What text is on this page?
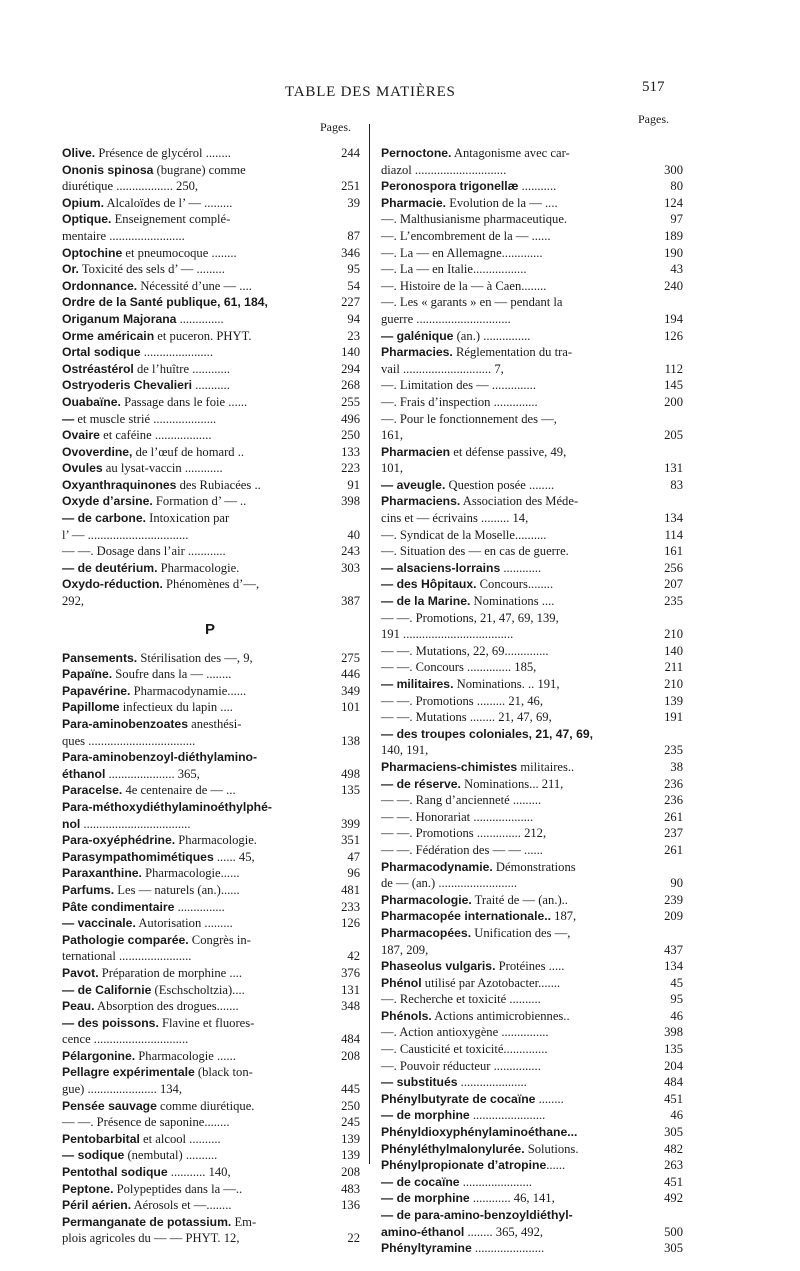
TABLE DES MATIÈRES	517
Pages.
Pages.
Olive. Présence de glycérol ........	244
Ononis spinosa (bugrane) comme
diurétique .................. 250,	251
Opium. Alcaloïdes de l’ — .........	39
Optique. Enseignement complé-
mentaire ........................	87
Optochine et pneumocoque ........	346
Or. Toxicité des sels d’ — .........	95
Ordonnance. Nécessité d’une — ....	54
Ordre de la Santé publique, 61, 184,	227
Origanum Majorana ..............	94
Orme américain et puceron. PHYT.	23
Ortal sodique ......................	140
Ostréastérol de l’huître ............	294
Ostryoderis Chevalieri ...........	268
Ouabaïne. Passage dans le foie ......	255
— et muscle strié ....................	496
Ovaire et caféine ..................	250
Ovoverdine, de l’œuf de homard ..	133
Ovules au lysat-vaccin ............	223
Oxyanthraquinones des Rubiacées ..	91
Oxyde d’arsine. Formation d’ — ..	398
— de carbone. Intoxication par
l’ — ................................	40
— —. Dosage dans l’air ............	243
— de deutérium. Pharmacologie.	303
Oxydo-réduction. Phénomènes d’—,
292,	387
P
Pansements. Stérilisation des —, 9,	275
Papaïne. Soufre dans la — ........	446
Papavérine. Pharmacodynamie......	349
Papillome infectieux du lapin ....	101
Para-aminobenzoates anesthési-
ques ..................................	138
Para-aminobenzoyl-diéthylamino-
éthanol ..................... 365,	498
Paracelse. 4e centenaire de — ...	135
Para-méthoxydiéthylaminoéthylphé-
nol ..................................	399
Para-oxyéphédrine. Pharmacologie.	351
Parasympathomimétiques ...... 45,	47
Paraxanthine. Pharmacologie......	96
Parfums. Les — naturels (an.)......	481
Pâte condimentaire ...............	233
— vaccinale. Autorisation .........	126
Pathologie comparée. Congrès in-
ternational .......................	42
Pavot. Préparation de morphine ....	376
— de Californie (Eschscholtzia)....	131
Peau. Absorption des drogues.......	348
— des poissons. Flavine et fluores-
cence ..............................	484
Pélargonine. Pharmacologie ......	208
Pellagre expérimentale (black ton-
gue) ...................... 134,	445
Pensée sauvage comme diurétique.	250
— —. Présence de saponine........	245
Pentobarbital et alcool ..........	139
— sodique (nembutal) ..........	139
Pentothal sodique ........... 140,	208
Peptone. Polypeptides dans la —..	483
Péril aérien. Aérosols et —........	136
Permanganate de potassium. Em-
plois agricoles du — — PHYT. 12,	22
Pernoctone. Antagonisme avec car-
diazol .............................	300
Peronospora trigonellæ ...........	80
Pharmacie. Evolution de la — ....	124
—. Malthusianisme pharmaceutique.	97
—. L’encombrement de la — ......	189
—. La — en Allemagne.............	190
—. La — en Italie.................	43
—. Histoire de la — à Caen........	240
—. Les « garants » en — pendant la
guerre ..............................	194
— galénique (an.) ...............	126
Pharmacies. Réglementation du tra-
vail ............................ 7,	112
—. Limitation des — ..............	145
—. Frais d’inspection ..............	200
—. Pour le fonctionnement des —,
161,	205
Pharmacien et défense passive, 49,
101,	131
— aveugle. Question posée ........	83
Pharmaciens. Association des Méde-
cins et — écrivains ......... 14,	134
—. Syndicat de la Moselle..........	114
—. Situation des — en cas de guerre.	161
— alsaciens-lorrains ............	256
— des Hôpitaux. Concours........	207
— de la Marine. Nominations ....	235
— —. Promotions, 21, 47, 69, 139,
191 ...................................	210
— —. Mutations, 22, 69..............	140
— —. Concours .............. 185,	211
— militaires. Nominations. .. 191,	210
— —. Promotions ......... 21, 46,	139
— —. Mutations ........ 21, 47, 69,	191
— des troupes coloniales, 21, 47, 69,
140, 191,	235
Pharmaciens-chimistes militaires..	38
— de réserve. Nominations... 211,	236
— —. Rang d’ancienneté .........	236
— —. Honorariat ...................	261
— —. Promotions .............. 212,	237
— —. Fédération des — — ......	261
Pharmacodynamie. Démonstrations
de — (an.) .........................	90
Pharmacologie. Traité de — (an.)..	239
Pharmacopée internationale.. 187,	209
Pharmacopées. Unification des —,
187, 209,	437
Phaseolus vulgaris. Protéines .....	134
Phénol utilisé par Azotobacter.......	45
—. Recherche et toxicité ..........	95
Phénols. Actions antimicrobiennes..	46
—. Action antioxygène ...............	398
—. Causticité et toxicité..............	135
—. Pouvoir réducteur ...............	204
— substitués .....................	484
Phénylbutyrate de cocaïne ........	451
— de morphine .......................	46
Phényldioxyphénylaminoéthane...	305
Phényléthylmalonylurée. Solutions.	482
Phénylpropionate d’atropine......	263
— de cocaïne ......................	451
— de morphine ............ 46, 141,	492
— de para-amino-benzoyldiéthyl-
amino-éthanol ........ 365, 492,	500
Phényltyramine ......................	305
